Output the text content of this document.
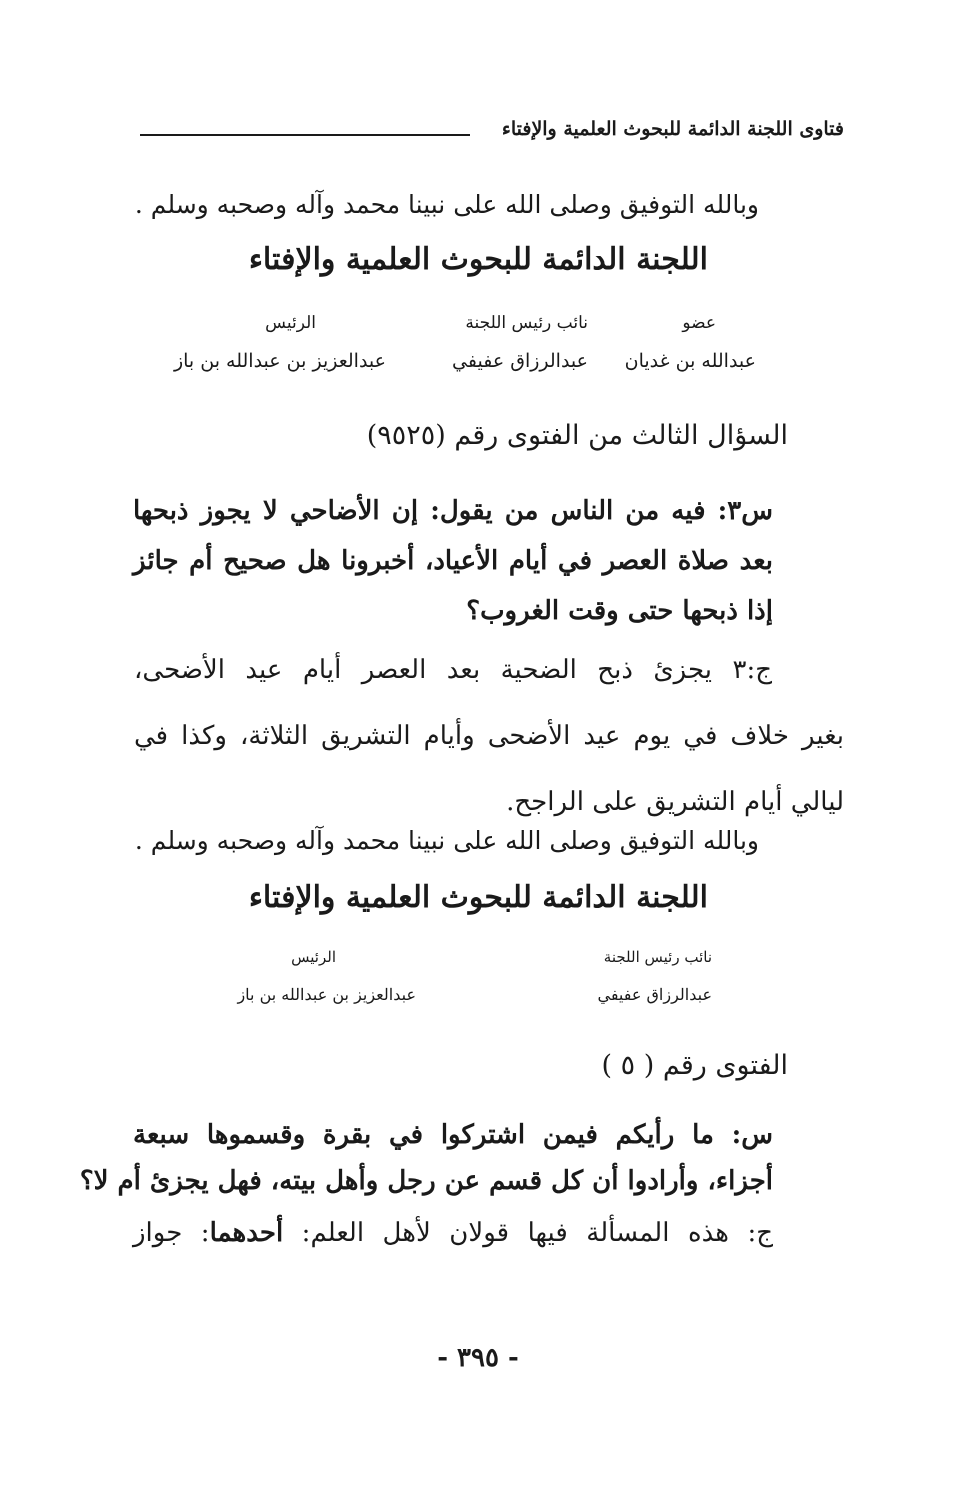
فتاوى اللجنة الدائمة للبحوث العلمية والإفتاء
وبالله التوفيق وصلى الله على نبينا محمد وآله وصحبه وسلم .
اللجنة الدائمة للبحوث العلمية والإفتاء
عضو
عبدالله بن غديان
نائب رئيس اللجنة
عبدالرزاق عفيفي
الرئيس
عبدالعزيز بن عبدالله بن باز
السؤال الثالث من الفتوى رقم (٩٥٢٥)
س٣: فيه من الناس من يقول: إن الأضاحي لا يجوز ذبحها
بعد صلاة العصر في أيام الأعياد، أخبرونا هل صحيح أم جائز
إذا ذبحها حتى وقت الغروب؟
ج:٣ يجزئ ذبح الضحية بعد العصر أيام عيد الأضحى،
بغير خلاف في يوم عيد الأضحى وأيام التشريق الثلاثة، وكذا في
ليالي أيام التشريق على الراجح.
وبالله التوفيق وصلى الله على نبينا محمد وآله وصحبه وسلم .
اللجنة الدائمة للبحوث العلمية والإفتاء
نائب رئيس اللجنة
عبدالرزاق عفيفي
الرئيس
عبدالعزيز بن عبدالله بن باز
الفتوى رقم ( ٥ )
س: ما رأيكم فيمن اشتركوا في بقرة وقسموها سبعة
أجزاء، وأرادوا أن كل قسم عن رجل وأهل بيته، فهل يجزئ أم لا؟
ج: هذه المسألة فيها قولان لأهل العلم: أحدهما: جواز
- ٣٩٥ -
